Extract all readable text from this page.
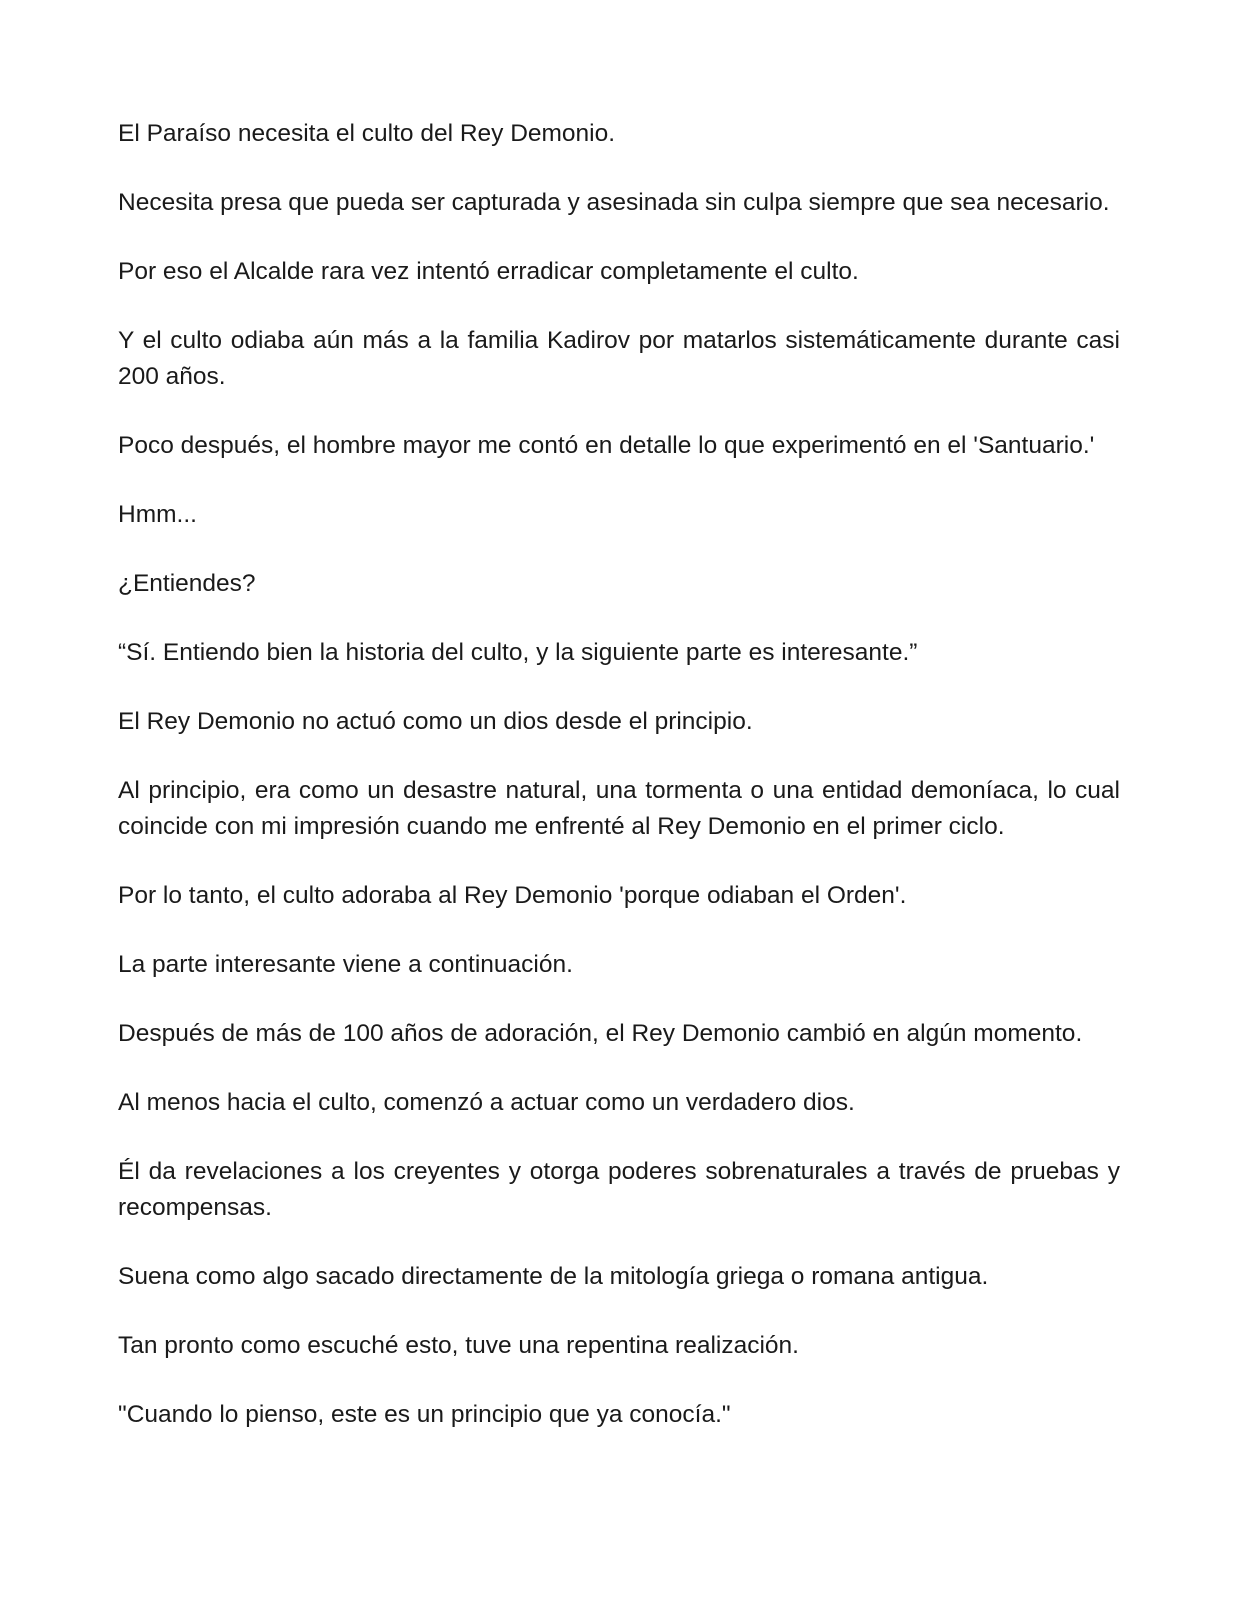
El Paraíso necesita el culto del Rey Demonio.

Necesita presa que pueda ser capturada y asesinada sin culpa siempre que sea necesario.

Por eso el Alcalde rara vez intentó erradicar completamente el culto.

Y el culto odiaba aún más a la familia Kadirov por matarlos sistemáticamente durante casi 200 años.

Poco después, el hombre mayor me contó en detalle lo que experimentó en el 'Santuario.'

Hmm...

¿Entiendes?

“Sí. Entiendo bien la historia del culto, y la siguiente parte es interesante.”

El Rey Demonio no actuó como un dios desde el principio.

Al principio, era como un desastre natural, una tormenta o una entidad demoníaca, lo cual coincide con mi impresión cuando me enfrenté al Rey Demonio en el primer ciclo.

Por lo tanto, el culto adoraba al Rey Demonio 'porque odiaban el Orden'.

La parte interesante viene a continuación.

Después de más de 100 años de adoración, el Rey Demonio cambió en algún momento.

Al menos hacia el culto, comenzó a actuar como un verdadero dios.

Él da revelaciones a los creyentes y otorga poderes sobrenaturales a través de pruebas y recompensas.

Suena como algo sacado directamente de la mitología griega o romana antigua.

Tan pronto como escuché esto, tuve una repentina realización.

"Cuando lo pienso, este es un principio que ya conocía."
